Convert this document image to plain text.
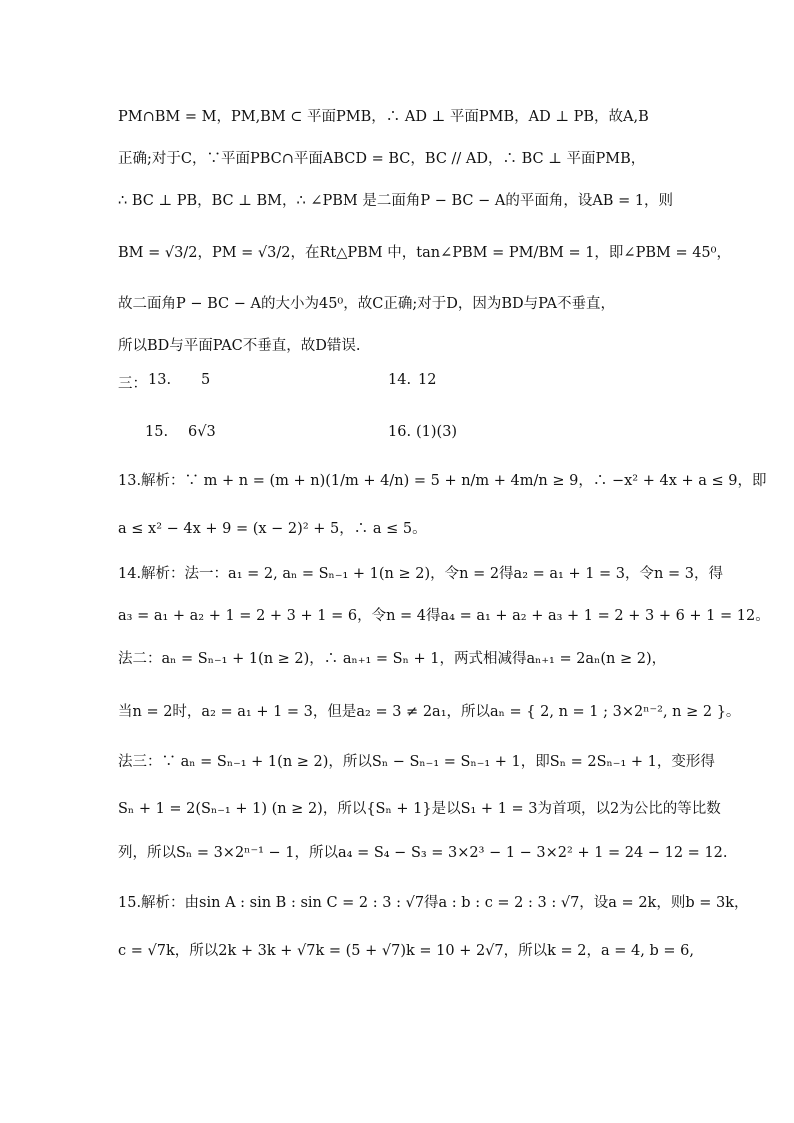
PM∩BM = M，PM,BM ⊂ 平面PMB，∴ AD ⊥ 平面PMB，AD ⊥ PB，故A,B
正确;对于C，∵平面PBC∩平面ABCD = BC，BC // AD，∴ BC ⊥ 平面PMB，
∴ BC ⊥ PB，BC ⊥ BM，∴ ∠PBM 是二面角P − BC − A的平面角，设AB = 1，则
BM = √3/2，PM = √3/2，在Rt△PBM 中，tan∠PBM = PM/BM = 1，即∠PBM = 45⁰，
故二面角P − BC − A的大小为45⁰，故C正确;对于D，因为BD与PA不垂直，
所以BD与平面PAC不垂直，故D错误.
三： 13. 5	14. 12
15. 6√3	16. (1)(3)
13.解析：∵ m + n = (m + n)(1/m + 4/n) = 5 + n/m + 4m/n ≥ 9，∴ −x² + 4x + a ≤ 9，即
a ≤ x² − 4x + 9 = (x − 2)² + 5，∴ a ≤ 5。
14.解析：法一：a₁ = 2, aₙ = Sₙ₋₁ + 1(n ≥ 2)，令n = 2得a₂ = a₁ + 1 = 3，令n = 3，得
a₃ = a₁ + a₂ + 1 = 2 + 3 + 1 = 6，令n = 4得a₄ = a₁ + a₂ + a₃ + 1 = 2 + 3 + 6 + 1 = 12。
法二：aₙ = Sₙ₋₁ + 1(n ≥ 2)，∴ aₙ₊₁ = Sₙ + 1，两式相减得aₙ₊₁ = 2aₙ(n ≥ 2)，
当n = 2时，a₂ = a₁ + 1 = 3，但是a₂ = 3 ≠ 2a₁，所以aₙ = { 2, n = 1 ; 3×2ⁿ⁻², n ≥ 2 }。
法三：∵ aₙ = Sₙ₋₁ + 1(n ≥ 2)，所以Sₙ − Sₙ₋₁ = Sₙ₋₁ + 1，即Sₙ = 2Sₙ₋₁ + 1，变形得
Sₙ + 1 = 2(Sₙ₋₁ + 1) (n ≥ 2)，所以{Sₙ + 1}是以S₁ + 1 = 3为首项，以2为公比的等比数
列，所以Sₙ = 3×2ⁿ⁻¹ − 1，所以a₄ = S₄ − S₃ = 3×2³ − 1 − 3×2² + 1 = 24 − 12 = 12.
15.解析：由sin A : sin B : sin C = 2 : 3 : √7得a : b : c = 2 : 3 : √7，设a = 2k，则b = 3k，
c = √7k，所以2k + 3k + √7k = (5 + √7)k = 10 + 2√7，所以k = 2，a = 4, b = 6,
